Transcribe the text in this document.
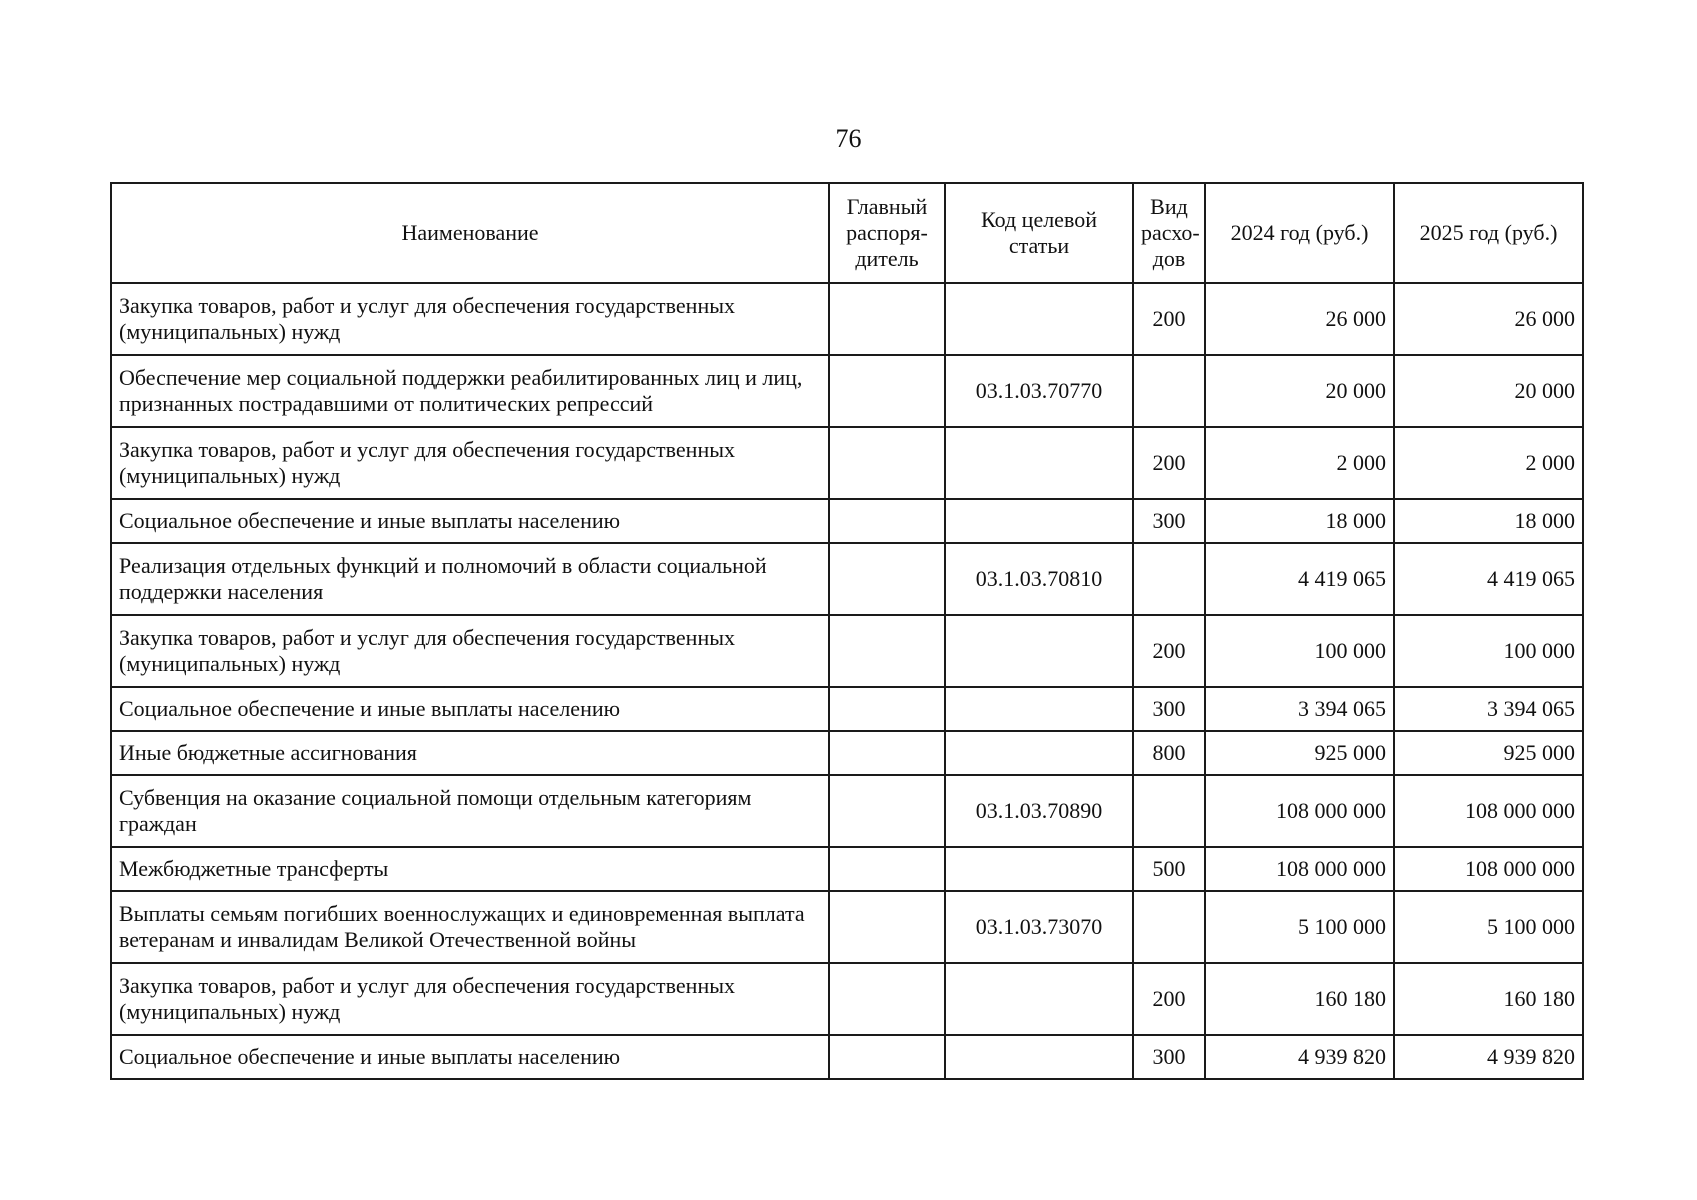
76
Наименование	Главный распоря-дитель	Код целевой статьи	Вид расхо-дов	2024 год (руб.)	2025 год (руб.)
Закупка товаров, работ и услуг для обеспечения государственных (муниципальных) нужд			200	26 000	26 000
Обеспечение мер социальной поддержки реабилитированных лиц и лиц, признанных пострадавшими от политических репрессий		03.1.03.70770		20 000	20 000
Закупка товаров, работ и услуг для обеспечения государственных (муниципальных) нужд			200	2 000	2 000
Социальное обеспечение и иные выплаты населению			300	18 000	18 000
Реализация отдельных функций и полномочий в области социальной поддержки населения		03.1.03.70810		4 419 065	4 419 065
Закупка товаров, работ и услуг для обеспечения государственных (муниципальных) нужд			200	100 000	100 000
Социальное обеспечение и иные выплаты населению			300	3 394 065	3 394 065
Иные бюджетные ассигнования			800	925 000	925 000
Субвенция на оказание социальной помощи отдельным категориям граждан		03.1.03.70890		108 000 000	108 000 000
Межбюджетные трансферты			500	108 000 000	108 000 000
Выплаты семьям погибших военнослужащих и единовременная выплата ветеранам и инвалидам Великой Отечественной войны		03.1.03.73070		5 100 000	5 100 000
Закупка товаров, работ и услуг для обеспечения государственных (муниципальных) нужд			200	160 180	160 180
Социальное обеспечение и иные выплаты населению			300	4 939 820	4 939 820
